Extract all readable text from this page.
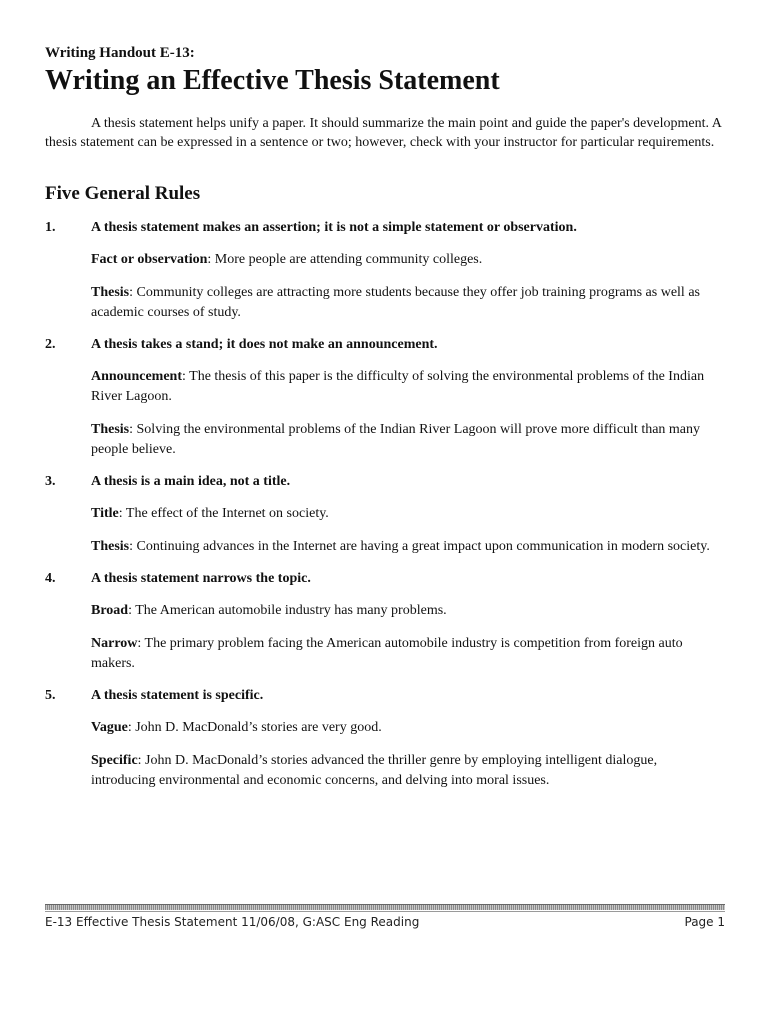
Writing Handout E-13:

Writing an Effective Thesis Statement

A thesis statement helps unify a paper. It should summarize the main point and guide the paper's development. A thesis statement can be expressed in a sentence or two; however, check with your instructor for particular requirements.

Five General Rules
1.	A thesis statement makes an assertion; it is not a simple statement or observation.

Fact or observation: More people are attending community colleges.

Thesis: Community colleges are attracting more students because they offer job training programs as well as academic courses of study.

2.	A thesis takes a stand; it does not make an announcement.

Announcement: The thesis of this paper is the difficulty of solving the environmental problems of the Indian River Lagoon.

Thesis: Solving the environmental problems of the Indian River Lagoon will prove more difficult than many people believe.

3.	A thesis is a main idea, not a title.

Title: The effect of the Internet on society.

Thesis: Continuing advances in the Internet are having a great impact upon communication in modern society.

4.	A thesis statement narrows the topic.

Broad: The American automobile industry has many problems.

Narrow: The primary problem facing the American automobile industry is competition from foreign auto makers.

5.	A thesis statement is specific.

Vague: John D. MacDonald’s stories are very good.

Specific: John D. MacDonald’s stories advanced the thriller genre by employing intelligent dialogue, introducing environmental and economic concerns, and delving into moral issues.

E-13 Effective Thesis Statement 11/06/08, G:ASC Eng Reading	Page 1
